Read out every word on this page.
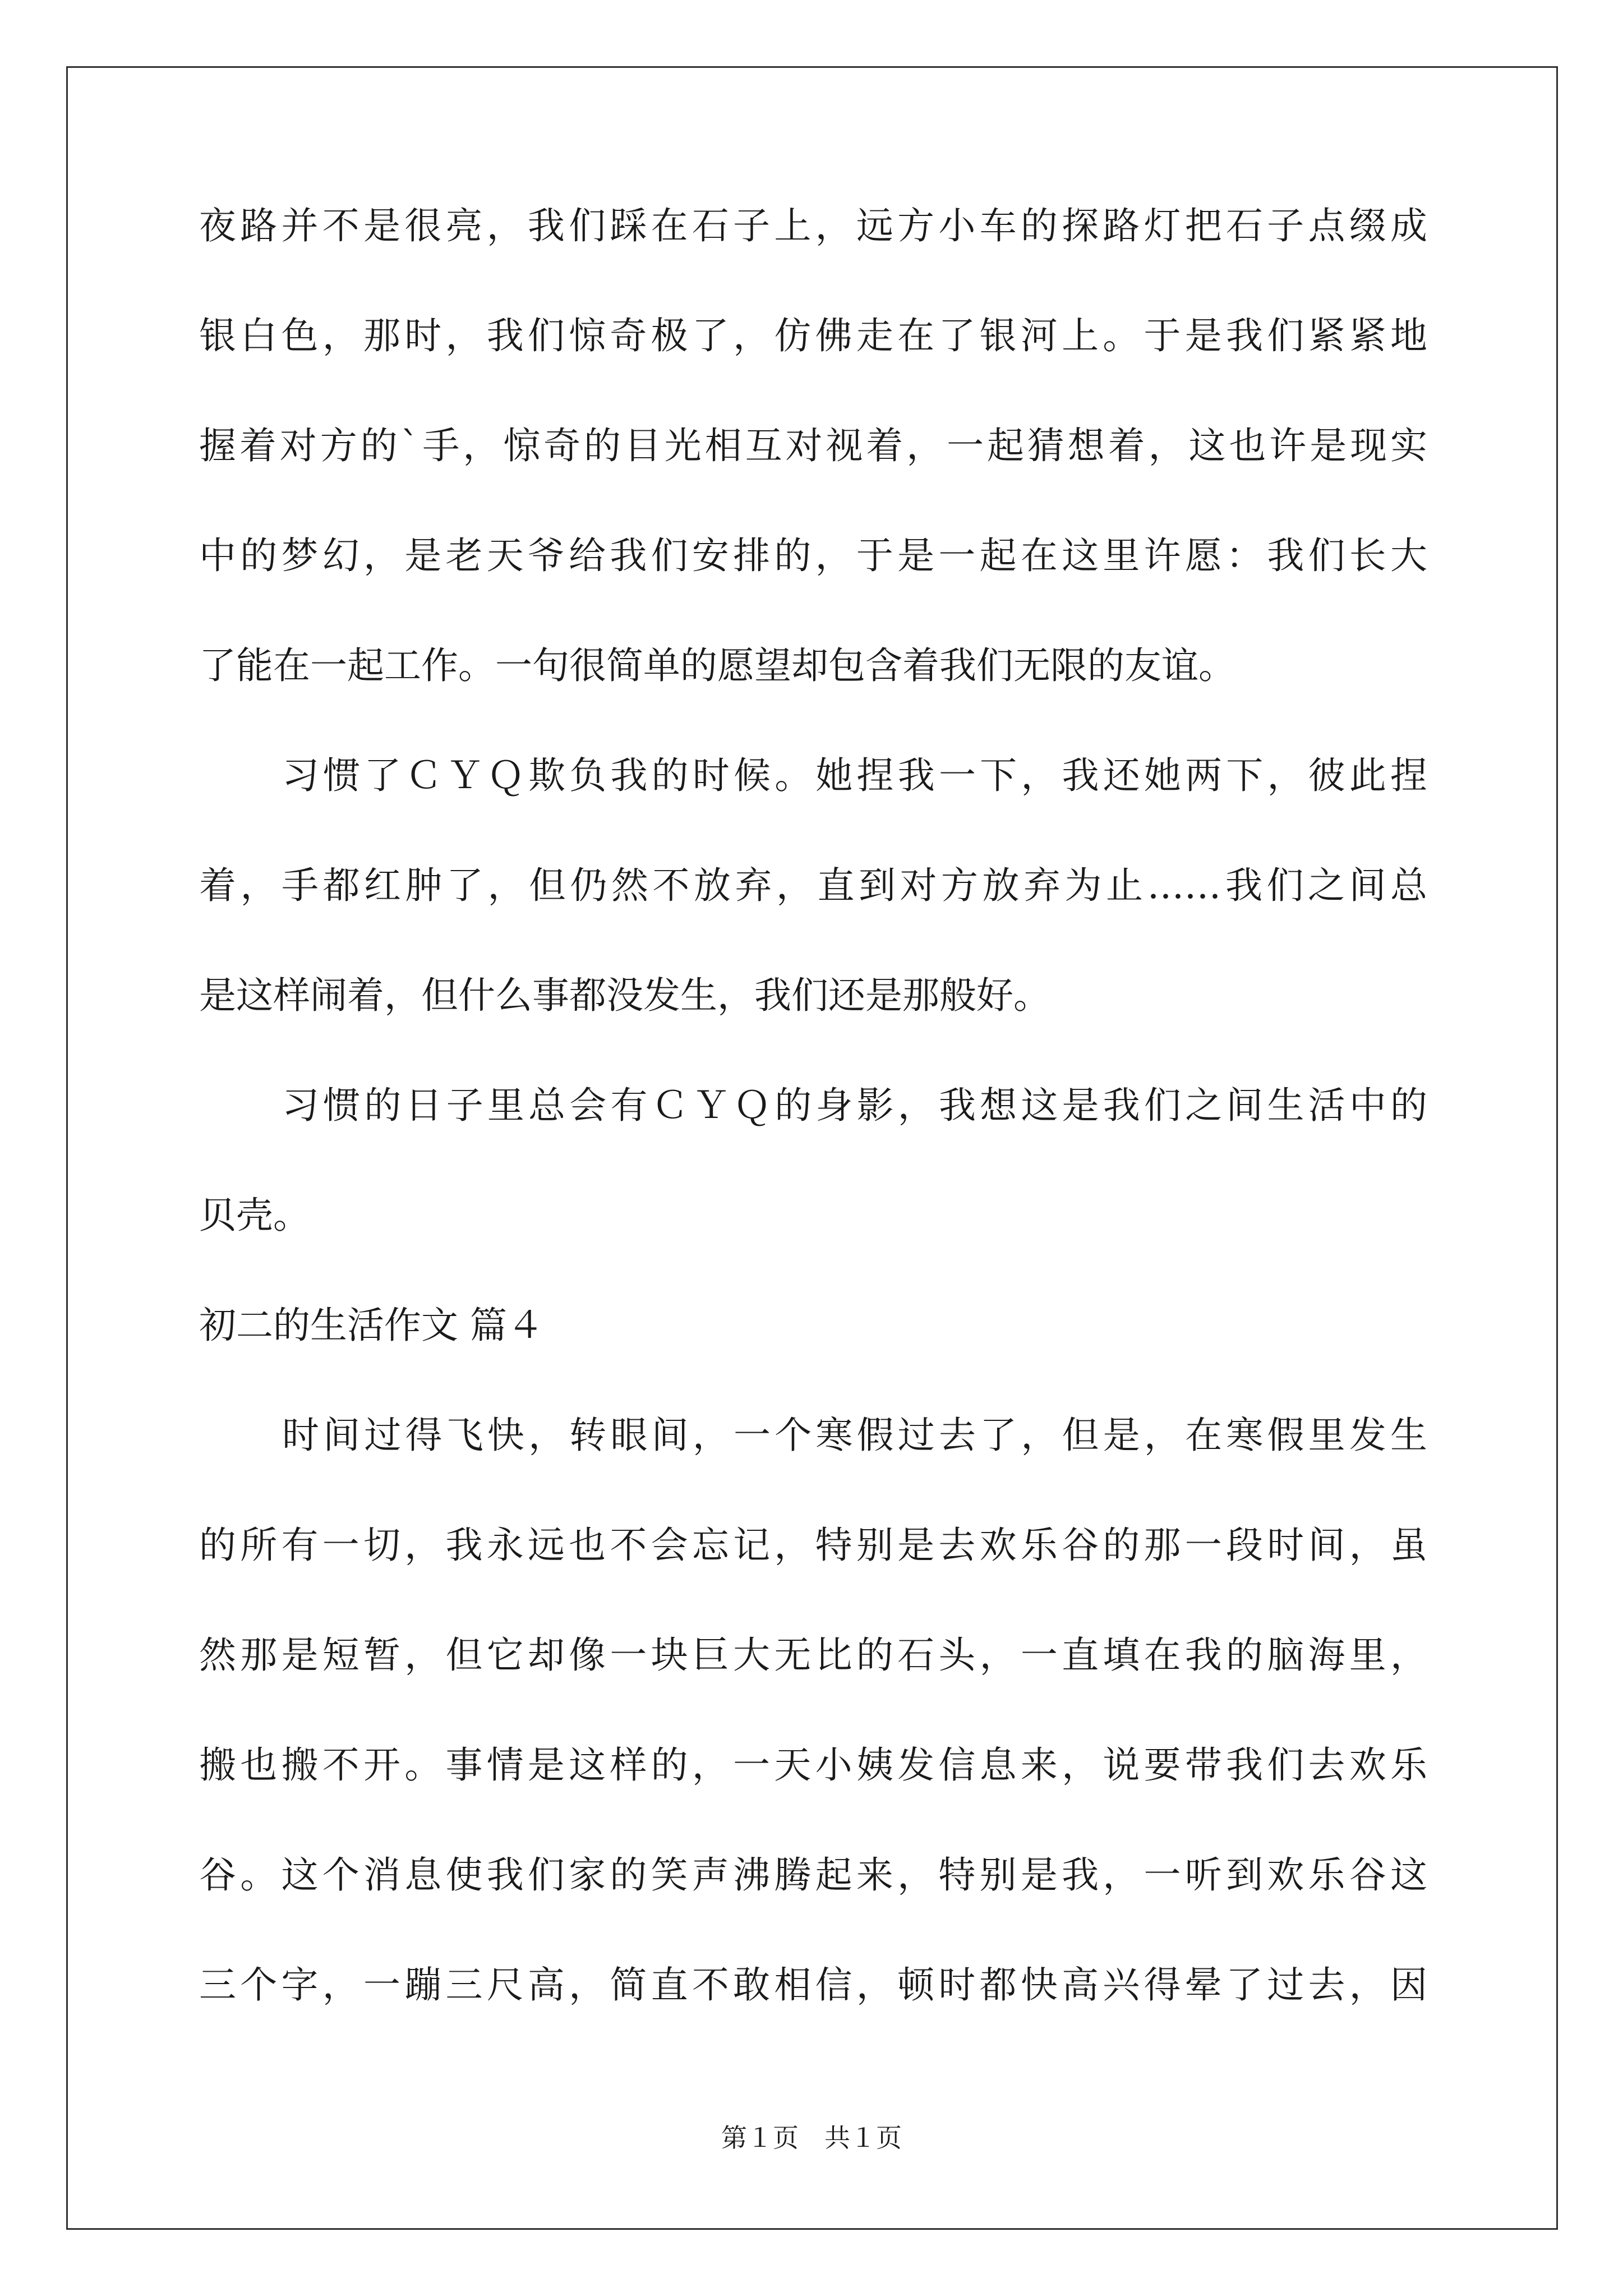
夜路并不是很亮，我们踩在石子上，远方小车的探路灯把石子点缀成
银白色，那时，我们惊奇极了，仿佛走在了银河上。于是我们紧紧地
握着对方的`手，惊奇的目光相互对视着，一起猜想着，这也许是现实
中的梦幻，是老天爷给我们安排的，于是一起在这里许愿：我们长大
了能在一起工作。一句很简单的愿望却包含着我们无限的友谊。
习惯了ＣＹＱ欺负我的时候。她捏我一下，我还她两下，彼此捏
着，手都红肿了，但仍然不放弃，直到对方放弃为止……我们之间总
是这样闹着，但什么事都没发生，我们还是那般好。
习惯的日子里总会有ＣＹＱ的身影，我想这是我们之间生活中的
贝壳。
初二的生活作文 篇４
时间过得飞快，转眼间，一个寒假过去了，但是，在寒假里发生
的所有一切，我永远也不会忘记，特别是去欢乐谷的那一段时间，虽
然那是短暂，但它却像一块巨大无比的石头，一直填在我的脑海里，
搬也搬不开。事情是这样的，一天小姨发信息来，说要带我们去欢乐
谷。这个消息使我们家的笑声沸腾起来，特别是我，一听到欢乐谷这
三个字，一蹦三尺高，简直不敢相信，顿时都快高兴得晕了过去，因
第１页　共１页
